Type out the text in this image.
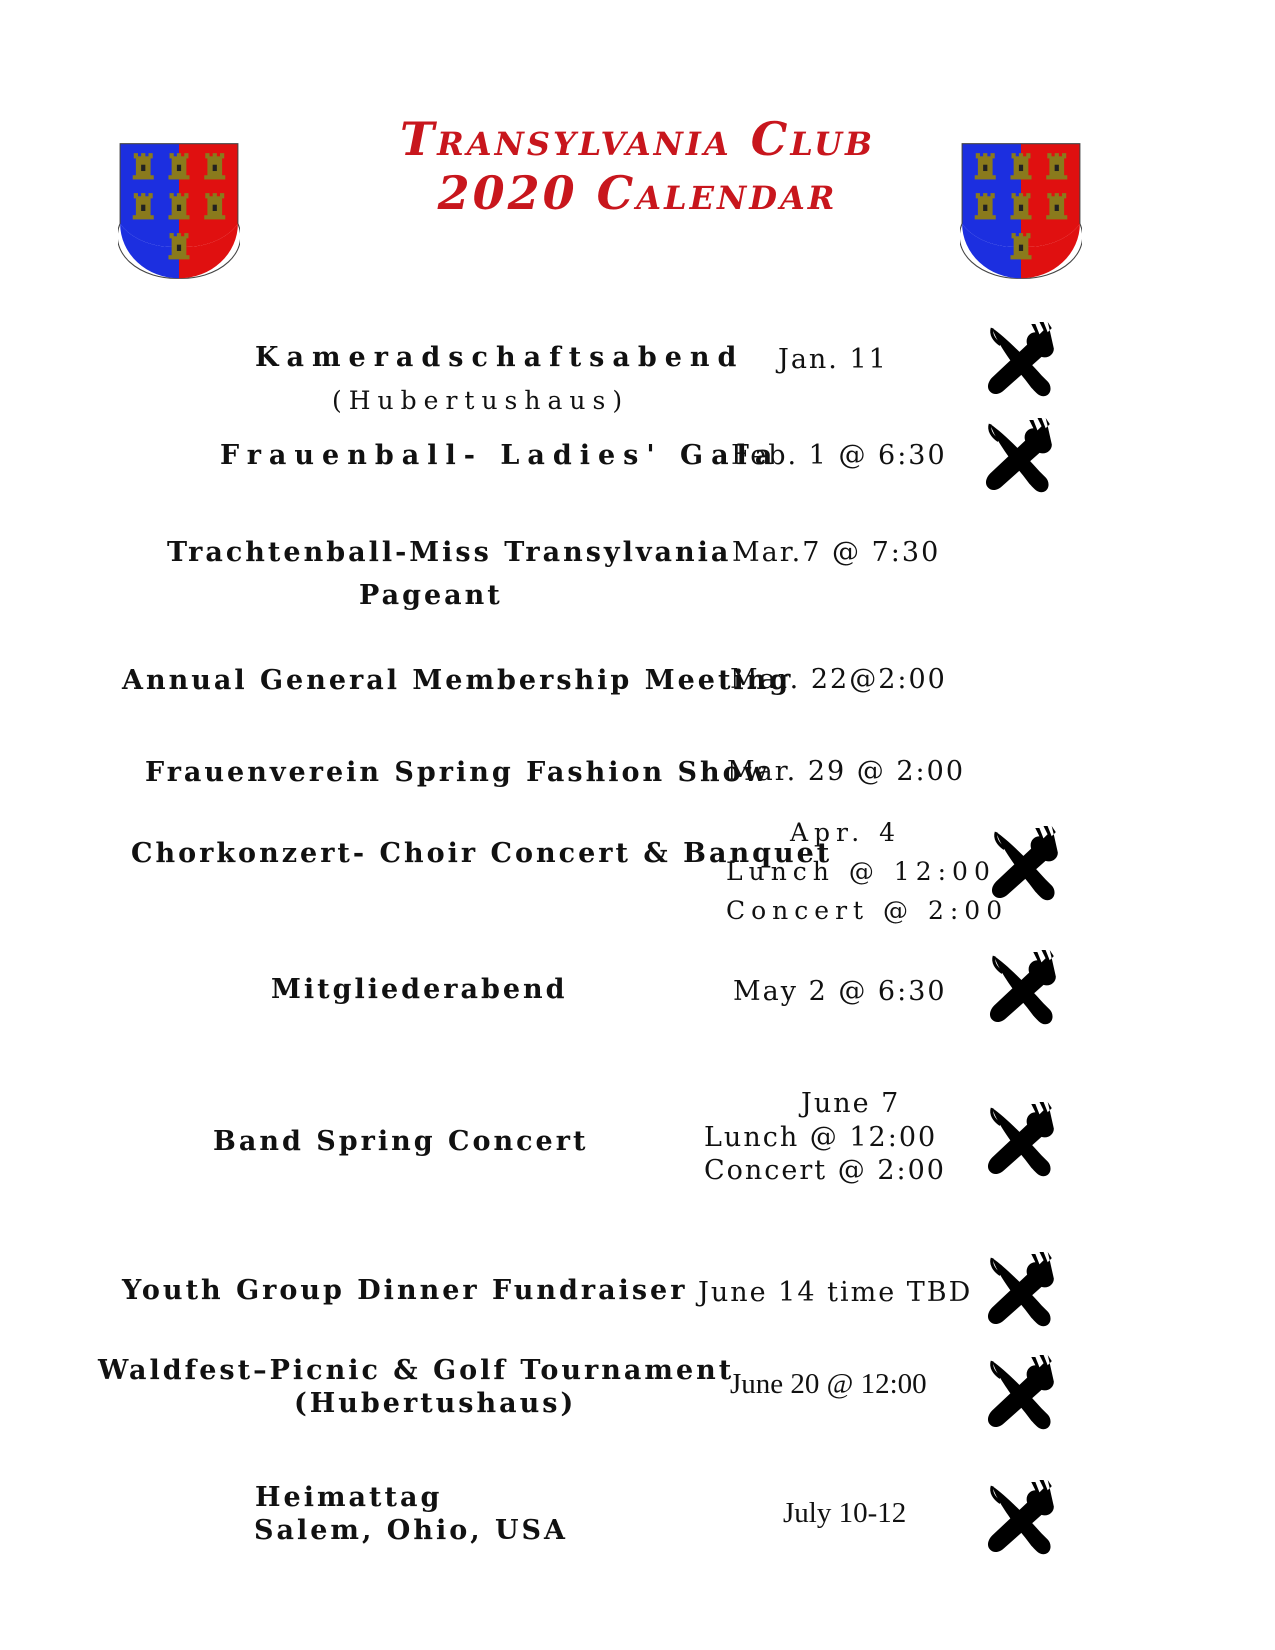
Transylvania Club
2020 Calendar
Kameradschaftsabend
(Hubertushaus)
Jan. 11
Frauenball- Ladies' Gala
Feb. 1 @ 6:30
Trachtenball-Miss Transylvania
Pageant
Mar.7 @ 7:30
Annual General Membership Meeting
Mar. 22@2:00
Frauenverein Spring Fashion Show
Mar. 29 @ 2:00
Chorkonzert- Choir Concert & Banquet
Apr. 4
Lunch @ 12:00
Concert @ 2:00
Mitgliederabend	May 2 @ 6:30
Band Spring Concert
June 7
Lunch @ 12:00
Concert @ 2:00
Youth Group Dinner Fundraiser June 14 time TBD
Waldfest–Picnic & Golf Tournament
(Hubertushaus)
June 20 @ 12:00
Heimattag
Salem, Ohio, USA
July 10-12
